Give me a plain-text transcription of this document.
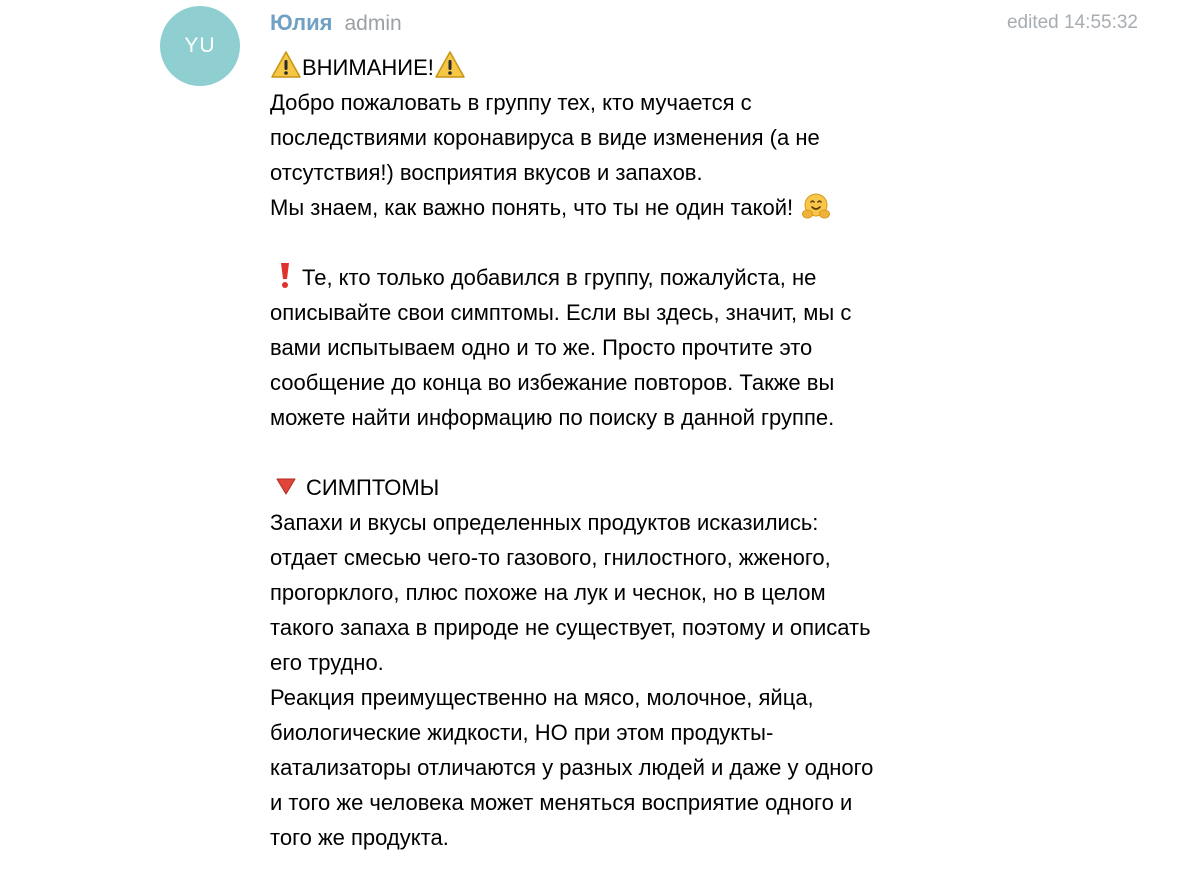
YU
Юлия admin	edited 14:55:32
ВНИМАНИЕ!
Добро пожаловать в группу тех, кто мучается с
последствиями коронавируса в виде изменения (а не
отсутствия!) восприятия вкусов и запахов.
Мы знаем, как важно понять, что ты не один такой!
Те, кто только добавился в группу, пожалуйста, не
описывайте свои симптомы. Если вы здесь, значит, мы с
вами испытываем одно и то же. Просто прочтите это
сообщение до конца во избежание повторов. Также вы
можете найти информацию по поиску в данной группе.
СИМПТОМЫ
Запахи и вкусы определенных продуктов исказились:
отдает смесью чего-то газового, гнилостного, жженого,
прогорклого, плюс похоже на лук и чеснок, но в целом
такого запаха в природе не существует, поэтому и описать
его трудно.
Реакция преимущественно на мясо, молочное, яйца,
биологические жидкости, НО при этом продукты-
катализаторы отличаются у разных людей и даже у одного
и того же человека может меняться восприятие одного и
того же продукта.
